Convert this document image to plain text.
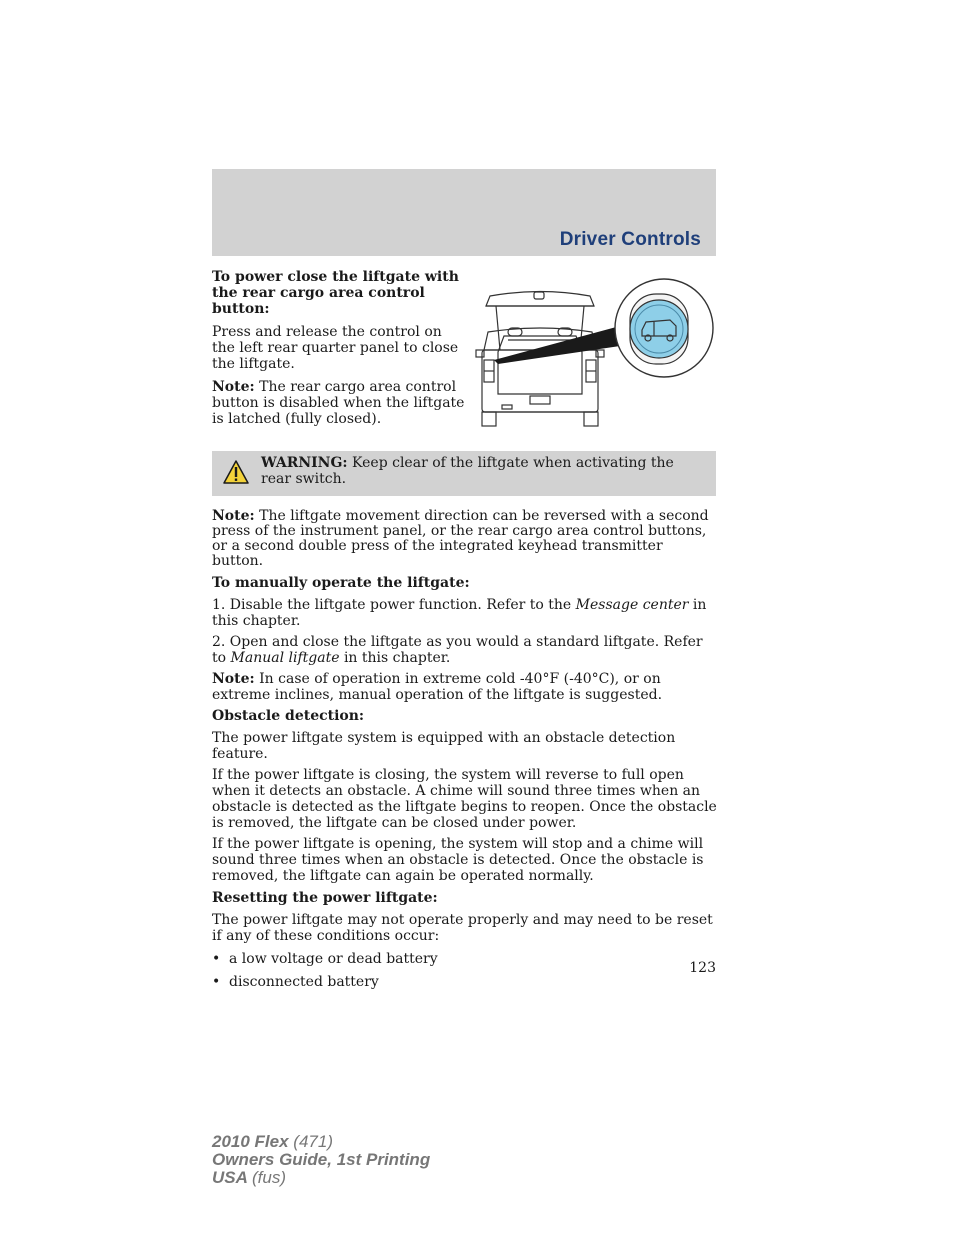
Driver Controls

To power close the liftgate with the rear cargo area control button:

Press and release the control on the left rear quarter panel to close the liftgate.

Note: The rear cargo area control button is disabled when the liftgate is latched (fully closed).

WARNING: Keep clear of the liftgate when activating the rear switch.

Note: The liftgate movement direction can be reversed with a second press of the instrument panel, or the rear cargo area control buttons, or a second double press of the integrated keyhead transmitter button.

To manually operate the liftgate:

1. Disable the liftgate power function. Refer to the Message center in this chapter.

2. Open and close the liftgate as you would a standard liftgate. Refer to Manual liftgate in this chapter.

Note: In case of operation in extreme cold -40°F (-40°C), or on extreme inclines, manual operation of the liftgate is suggested.

Obstacle detection:

The power liftgate system is equipped with an obstacle detection feature.

If the power liftgate is closing, the system will reverse to full open when it detects an obstacle. A chime will sound three times when an obstacle is detected as the liftgate begins to reopen. Once the obstacle is removed, the liftgate can be closed under power.

If the power liftgate is opening, the system will stop and a chime will sound three times when an obstacle is detected. Once the obstacle is removed, the liftgate can again be operated normally.

Resetting the power liftgate:

The power liftgate may not operate properly and may need to be reset if any of these conditions occur:

• a low voltage or dead battery
• disconnected battery
123
2010 Flex (471)
Owners Guide, 1st Printing
USA (fus)
